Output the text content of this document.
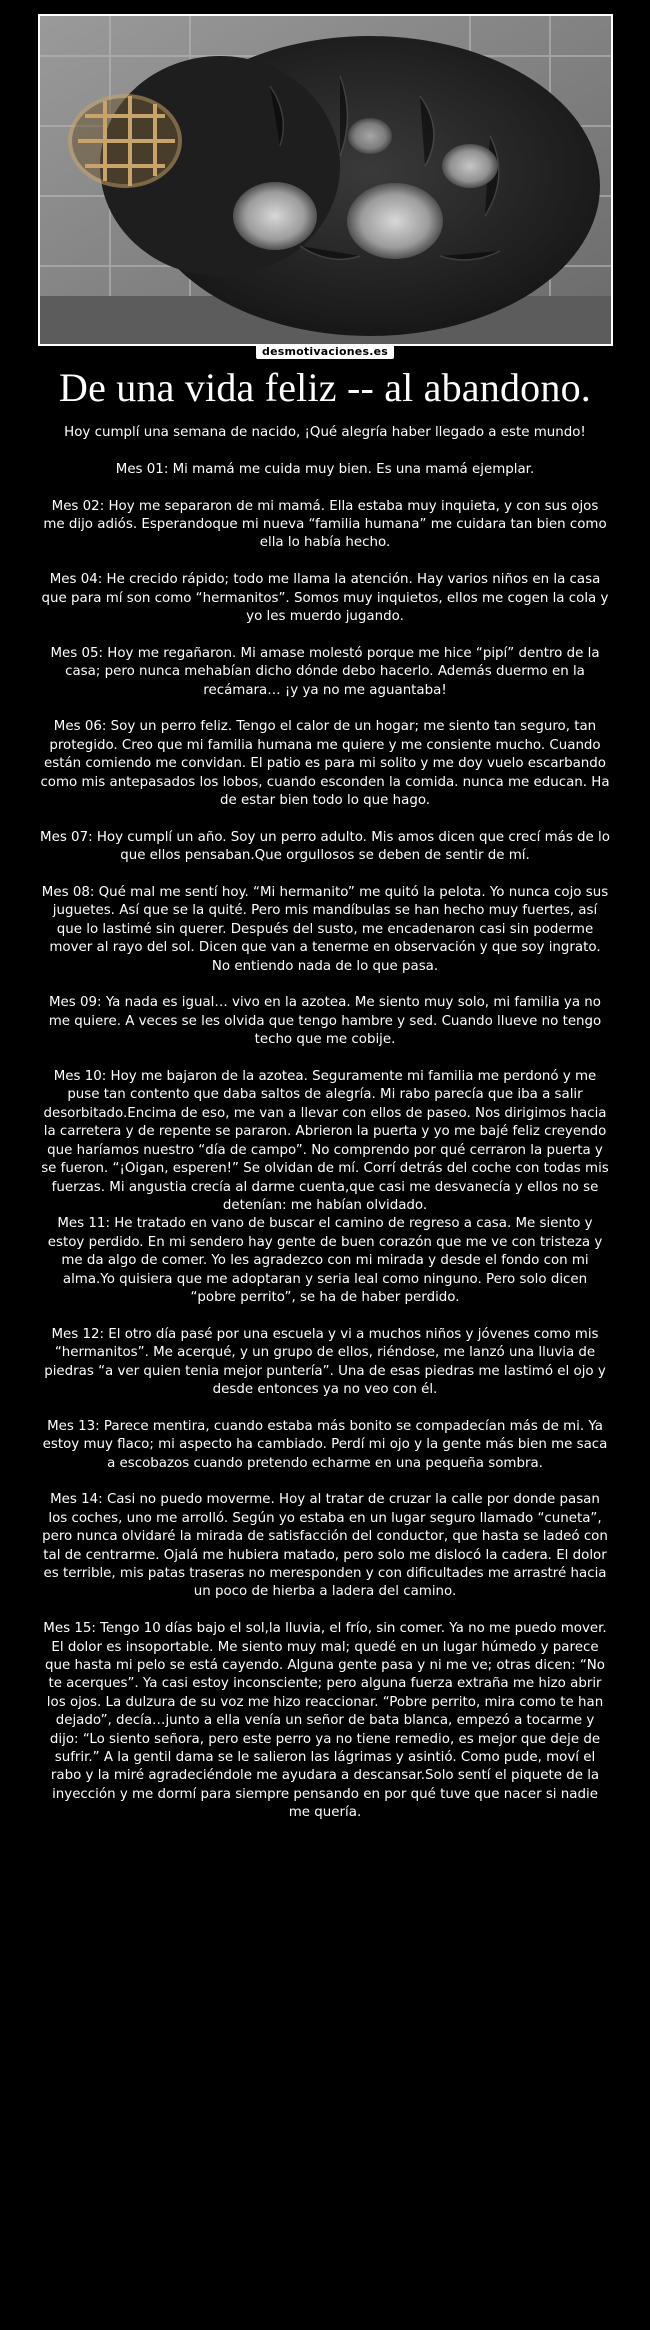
desmotivaciones.es
De una vida feliz -- al abandono.

Hoy cumplí una semana de nacido, ¡Qué alegría haber llegado a este mundo!

Mes 01: Mi mamá me cuida muy bien. Es una mamá ejemplar.

Mes 02: Hoy me separaron de mi mamá. Ella estaba muy inquieta, y con sus ojos me dijo adiós. Esperandoque mi nueva “familia humana” me cuidara tan bien como ella lo había hecho.

Mes 04: He crecido rápido; todo me llama la atención. Hay varios niños en la casa que para mí son como “hermanitos”. Somos muy inquietos, ellos me cogen la cola y yo les muerdo jugando.

Mes 05: Hoy me regañaron. Mi amase molestó porque me hice “pipí” dentro de la casa; pero nunca mehabían dicho dónde debo hacerlo. Además duermo en la recámara… ¡y ya no me aguantaba!

Mes 06: Soy un perro feliz. Tengo el calor de un hogar; me siento tan seguro, tan protegido. Creo que mi familia humana me quiere y me consiente mucho. Cuando están comiendo me convidan. El patio es para mi solito y me doy vuelo escarbando como mis antepasados los lobos, cuando esconden la comida. nunca me educan. Ha de estar bien todo lo que hago.

Mes 07: Hoy cumplí un año. Soy un perro adulto. Mis amos dicen que crecí más de lo que ellos pensaban.Que orgullosos se deben de sentir de mí.

Mes 08: Qué mal me sentí hoy. “Mi hermanito” me quitó la pelota. Yo nunca cojo sus juguetes. Así que se la quité. Pero mis mandíbulas se han hecho muy fuertes, así que lo lastimé sin querer. Después del susto, me encadenaron casi sin poderme mover al rayo del sol. Dicen que van a tenerme en observación y que soy ingrato. No entiendo nada de lo que pasa.

Mes 09: Ya nada es igual… vivo en la azotea. Me siento muy solo, mi familia ya no me quiere. A veces se les olvida que tengo hambre y sed. Cuando llueve no tengo techo que me cobije.

Mes 10: Hoy me bajaron de la azotea. Seguramente mi familia me perdonó y me puse tan contento que daba saltos de alegría. Mi rabo parecía que iba a salir desorbitado.Encima de eso, me van a llevar con ellos de paseo. Nos dirigimos hacia la carretera y de repente se pararon. Abrieron la puerta y yo me bajé feliz creyendo que haríamos nuestro “día de campo”. No comprendo por qué cerraron la puerta y se fueron. “¡Oigan, esperen!” Se olvidan de mí. Corrí detrás del coche con todas mis fuerzas. Mi angustia crecía al darme cuenta,que casi me desvanecía y ellos no se detenían: me habían olvidado.

Mes 11: He tratado en vano de buscar el camino de regreso a casa. Me siento y estoy perdido. En mi sendero hay gente de buen corazón que me ve con tristeza y me da algo de comer. Yo les agradezco con mi mirada y desde el fondo con mi alma.Yo quisiera que me adoptaran y seria leal como ninguno. Pero solo dicen “pobre perrito”, se ha de haber perdido.

Mes 12: El otro día pasé por una escuela y vi a muchos niños y jóvenes como mis “hermanitos”. Me acerqué, y un grupo de ellos, riéndose, me lanzó una lluvia de piedras “a ver quien tenia mejor puntería”. Una de esas piedras me lastimó el ojo y desde entonces ya no veo con él.

Mes 13: Parece mentira, cuando estaba más bonito se compadecían más de mi. Ya estoy muy flaco; mi aspecto ha cambiado. Perdí mi ojo y la gente más bien me saca a escobazos cuando pretendo echarme en una pequeña sombra.

Mes 14: Casi no puedo moverme. Hoy al tratar de cruzar la calle por donde pasan los coches, uno me arrolló. Según yo estaba en un lugar seguro llamado “cuneta”, pero nunca olvidaré la mirada de satisfacción del conductor, que hasta se ladeó con tal de centrarme. Ojalá me hubiera matado, pero solo me dislocó la cadera. El dolor es terrible, mis patas traseras no meresponden y con dificultades me arrastré hacia un poco de hierba a ladera del camino.

Mes 15: Tengo 10 días bajo el sol,la lluvia, el frío, sin comer. Ya no me puedo mover. El dolor es insoportable. Me siento muy mal; quedé en un lugar húmedo y parece que hasta mi pelo se está cayendo. Alguna gente pasa y ni me ve; otras dicen: “No te acerques”. Ya casi estoy inconsciente; pero alguna fuerza extraña me hizo abrir los ojos. La dulzura de su voz me hizo reaccionar. “Pobre perrito, mira como te han dejado”, decía…junto a ella venía un señor de bata blanca, empezó a tocarme y dijo: “Lo siento señora, pero este perro ya no tiene remedio, es mejor que deje de sufrir.” A la gentil dama se le salieron las lágrimas y asintió. Como pude, moví el rabo y la miré agradeciéndole me ayudara a descansar.Solo sentí el piquete de la inyección y me dormí para siempre pensando en por qué tuve que nacer si nadie me quería.
